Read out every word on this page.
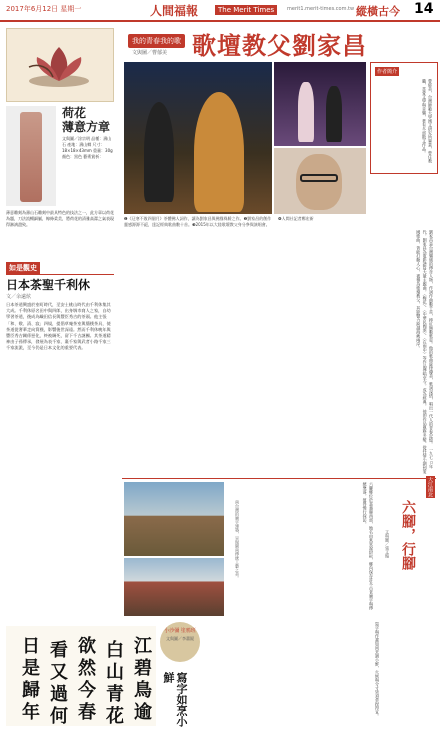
2017年6月12日 星期一	人間福報	The Merit Times	merit1.merit-times.com.tw 縱橫古今 14
荷花
薄意方章
文與圖／涂宗明 品種：壽山石 產地：壽山鄉 尺寸：18×18×43mm 重量：30g 顏色：黑色 藝術賞析：
薄意雕刻為壽山石雕刻中最具特色的技法之一，此方章以荷花為題，刀法流暢細膩，線條柔美，將荷花的清雅高潔之氣表現得淋漓盡致。
如是觀史
日本茶聖千利休
文／余遠炫
日本茶道興盛於室町時代，至安土桃山時代由千利休集其大成。千利休原名田中與四郎，出身堺市商人之家，自幼學習茶道，後成為織田信長與豐臣秀吉的茶頭。他主張「和、敬、清、寂」四規，提倡草庵茶室與簡樸茶具，使茶道從奢華走向質樸，影響後世深遠。然而千利休晚年與豐臣秀吉關係惡化，終被賜死，留下千古謎團。其茶道精神由子孫傳承，發展為表千家、裏千家與武者小路千家三千家流派，至今仍是日本文化的重要代表。
我的青春我的歌
文與圖／曹郁美 歌壇教父劉家昌
❶《迂寒不敗四個月》茶體佛人詞作，讓為劉家昌與佛緣殊勝之作。❷劉家昌的創作靈感源源不絕，達記經典歌曲數十首。❸2015年以大陸歌壇教父身分參與演唱會。
❹人間社記者鄭宏新
作者簡介
曹郁美，台灣師範大學國文研究所畢業，曾任教職，喜愛文學與音樂，著有多部散文作品。
劉家昌是台灣樂壇的傳奇人物，作詞作曲數千首，捧紅無數歌星。他的歌曲旋律優美，歌詞深情，唱出一代人的青春記憶。 一九七○年代，劉家昌為電影譜寫大量主題曲，〈梅花〉、〈中華民國頌〉、〈在雨中〉等作品傳唱至今，成為經典。 他的作品風格多變，從抒情小調到愛國歌曲，皆能打動人心，被譽為歌壇教父，其影響力跨越海峽兩岸。
南台灣的廟宇建築，呈現閩南傳統工藝之美。	六腳鄉位於嘉義縣西部，地名由來眾說紛紜，鄉內保存許多古老廟宇與傳統聚落，值得慢行探訪。
小沙彌 塗鴉班
文與圖／李蕭錕
寫字如烹小鮮	寫字與作畫如同烹調小鮮，火候與分寸皆須拿捏得宜。
江
碧
鳥
逾
白
山
青
花
欲
然
今
春
看
又
過
何
日
是
歸
年
大江南北
六腳，行腳
文與圖／張文翰
